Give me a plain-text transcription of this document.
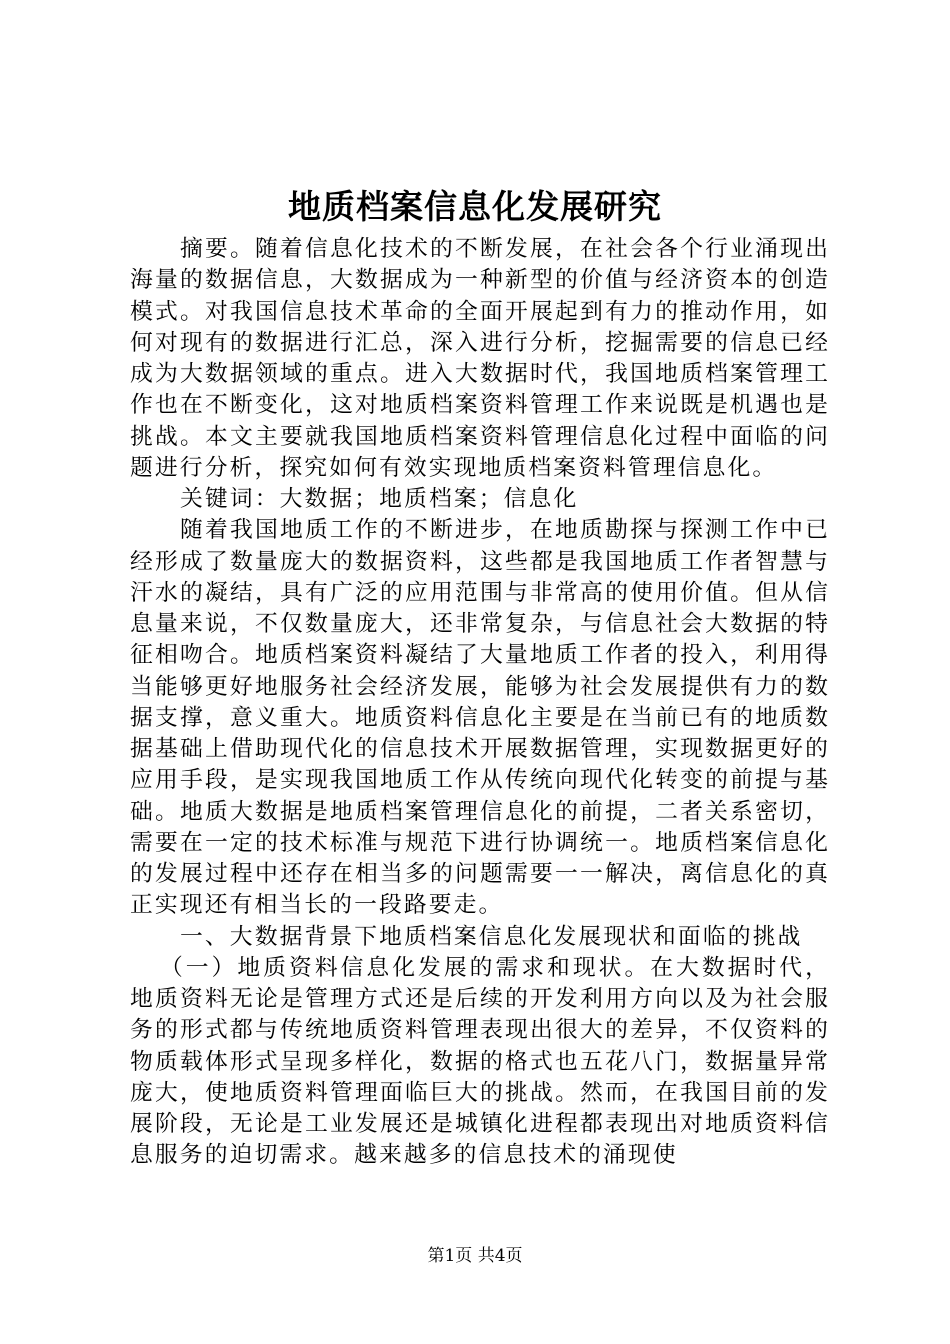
地质档案信息化发展研究

摘要。随着信息化技术的不断发展，在社会各个行业涌现出海量的数据信息，大数据成为一种新型的价值与经济资本的创造模式。对我国信息技术革命的全面开展起到有力的推动作用，如何对现有的数据进行汇总，深入进行分析，挖掘需要的信息已经成为大数据领域的重点。进入大数据时代，我国地质档案管理工作也在不断变化，这对地质档案资料管理工作来说既是机遇也是挑战。本文主要就我国地质档案资料管理信息化过程中面临的问题进行分析，探究如何有效实现地质档案资料管理信息化。

关键词：大数据；地质档案；信息化

随着我国地质工作的不断进步，在地质勘探与探测工作中已经形成了数量庞大的数据资料，这些都是我国地质工作者智慧与汗水的凝结，具有广泛的应用范围与非常高的使用价值。但从信息量来说，不仅数量庞大，还非常复杂，与信息社会大数据的特征相吻合。地质档案资料凝结了大量地质工作者的投入，利用得当能够更好地服务社会经济发展，能够为社会发展提供有力的数据支撑，意义重大。地质资料信息化主要是在当前已有的地质数据基础上借助现代化的信息技术开展数据管理，实现数据更好的应用手段，是实现我国地质工作从传统向现代化转变的前提与基础。地质大数据是地质档案管理信息化的前提，二者关系密切，需要在一定的技术标准与规范下进行协调统一。地质档案信息化的发展过程中还存在相当多的问题需要一一解决，离信息化的真正实现还有相当长的一段路要走。

一、大数据背景下地质档案信息化发展现状和面临的挑战

（一）地质资料信息化发展的需求和现状。在大数据时代，地质资料无论是管理方式还是后续的开发利用方向以及为社会服务的形式都与传统地质资料管理表现出很大的差异，不仅资料的物质载体形式呈现多样化，数据的格式也五花八门，数据量异常庞大，使地质资料管理面临巨大的挑战。然而，在我国目前的发展阶段，无论是工业发展还是城镇化进程都表现出对地质资料信息服务的迫切需求。越来越多的信息技术的涌现使

第1页 共4页
